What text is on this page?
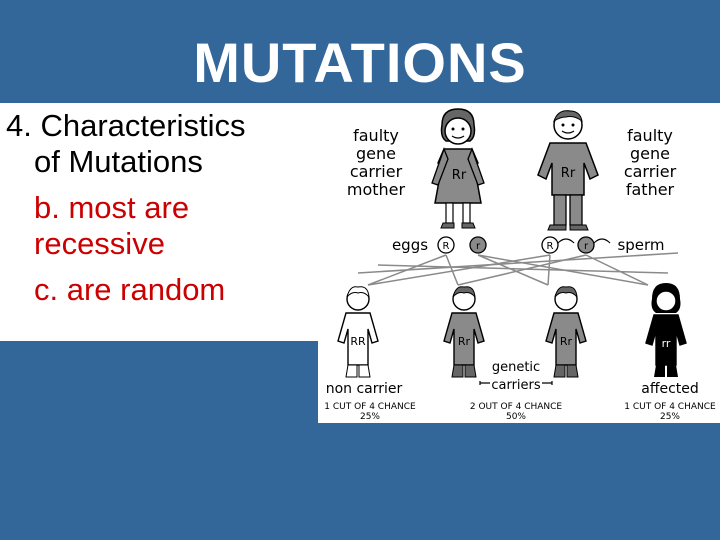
MUTATIONS
4. Characteristics
of Mutations
b. most are
recessive
c. are random
faulty
gene
carrier
mother
faulty
gene
carrier
father
Rr	Rr
eggs R	r	R	r sperm
RR	Rr	Rr	rr
non carrier
genetic
carriers	affected
1 CUT OF 4 CHANCE
25%
2 OUT OF 4 CHANCE
50%
1 CUT OF 4 CHANCE
25%
